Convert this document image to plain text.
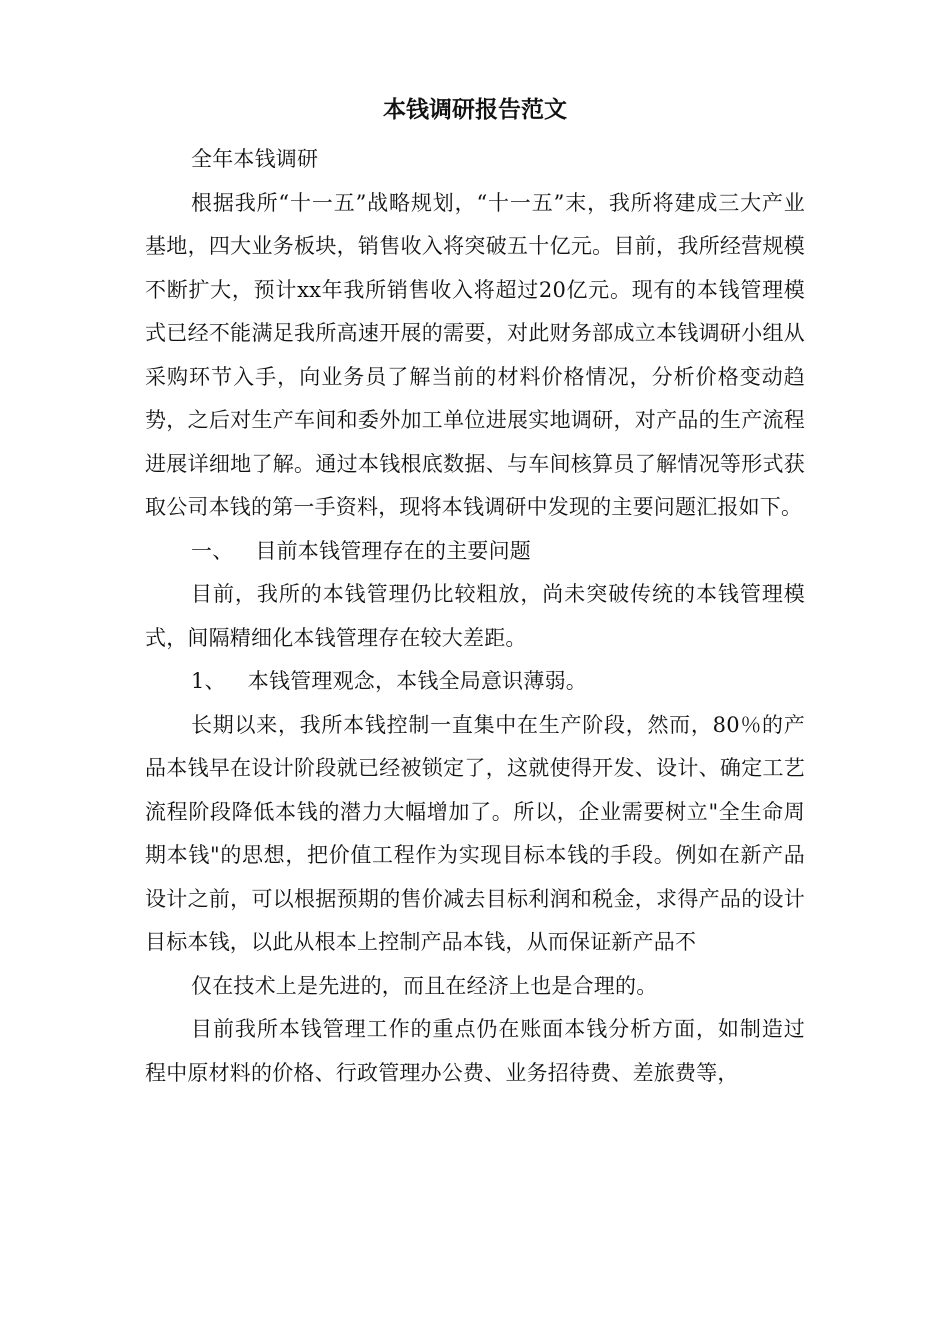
本钱调研报告范文

全年本钱调研

根据我所“十一五”战略规划，“十一五”末，我所将建成三大产业基地，四大业务板块，销售收入将突破五十亿元。目前，我所经营规模不断扩大，预计xx年我所销售收入将超过20亿元。现有的本钱管理模式已经不能满足我所高速开展的需要，对此财务部成立本钱调研小组从采购环节入手，向业务员了解当前的材料价格情况，分析价格变动趋势，之后对生产车间和委外加工单位进展实地调研，对产品的生产流程进展详细地了解。通过本钱根底数据、与车间核算员了解情况等形式获取公司本钱的第一手资料，现将本钱调研中发现的主要问题汇报如下。

一、 目前本钱管理存在的主要问题

目前，我所的本钱管理仍比较粗放，尚未突破传统的本钱管理模式，间隔精细化本钱管理存在较大差距。

1、 本钱管理观念，本钱全局意识薄弱。

长期以来，我所本钱控制一直集中在生产阶段，然而，80％的产品本钱早在设计阶段就已经被锁定了，这就使得开发、设计、确定工艺流程阶段降低本钱的潜力大幅增加了。所以，企业需要树立"全生命周期本钱"的思想，把价值工程作为实现目标本钱的手段。例如在新产品设计之前，可以根据预期的售价减去目标利润和税金，求得产品的设计目标本钱，以此从根本上控制产品本钱，从而保证新产品不

仅在技术上是先进的，而且在经济上也是合理的。

目前我所本钱管理工作的重点仍在账面本钱分析方面，如制造过程中原材料的价格、行政管理办公费、业务招待费、差旅费等，
